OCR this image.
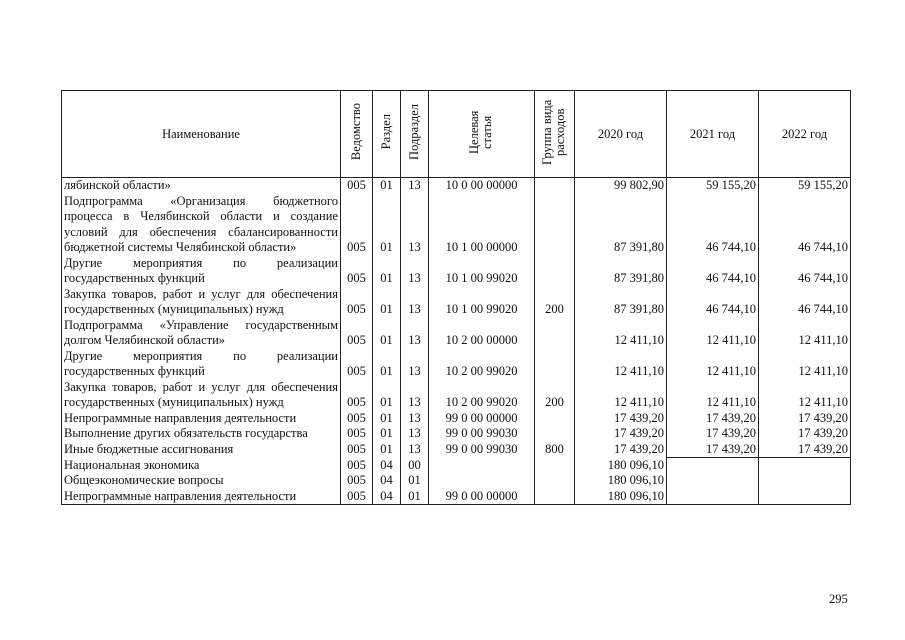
Наименование	Ведомство	Раздел	Подраздел	Целевая статья	Группа вида расходов	2020 год	2021 год	2022 год
лябинской области»	005	01	13	10 0 00 00000		99 802,90	59 155,20	59 155,20
Подпрограмма «Организация бюджетного процесса в Челябинской области и создание условий для обеспечения сбалансированности бюджетной системы Челябинской области»	005	01	13	10 1 00 00000		87 391,80	46 744,10	46 744,10
Другие мероприятия по реализации государственных функций	005	01	13	10 1 00 99020		87 391,80	46 744,10	46 744,10
Закупка товаров, работ и услуг для обеспечения государственных (муниципальных) нужд	005	01	13	10 1 00 99020	200	87 391,80	46 744,10	46 744,10
Подпрограмма «Управление государственным долгом Челябинской области»	005	01	13	10 2 00 00000		12 411,10	12 411,10	12 411,10
Другие мероприятия по реализации государственных функций	005	01	13	10 2 00 99020		12 411,10	12 411,10	12 411,10
Закупка товаров, работ и услуг для обеспечения государственных (муниципальных) нужд	005	01	13	10 2 00 99020	200	12 411,10	12 411,10	12 411,10
Непрограммные направления деятельности	005	01	13	99 0 00 00000		17 439,20	17 439,20	17 439,20
Выполнение других обязательств государства	005	01	13	99 0 00 99030		17 439,20	17 439,20	17 439,20
Иные бюджетные ассигнования	005	01	13	99 0 00 99030	800	17 439,20	17 439,20	17 439,20
Национальная экономика	005	04	00			180 096,10		
Общеэкономические вопросы	005	04	01			180 096,10		
Непрограммные направления деятельности	005	04	01	99 0 00 00000		180 096,10		
295
